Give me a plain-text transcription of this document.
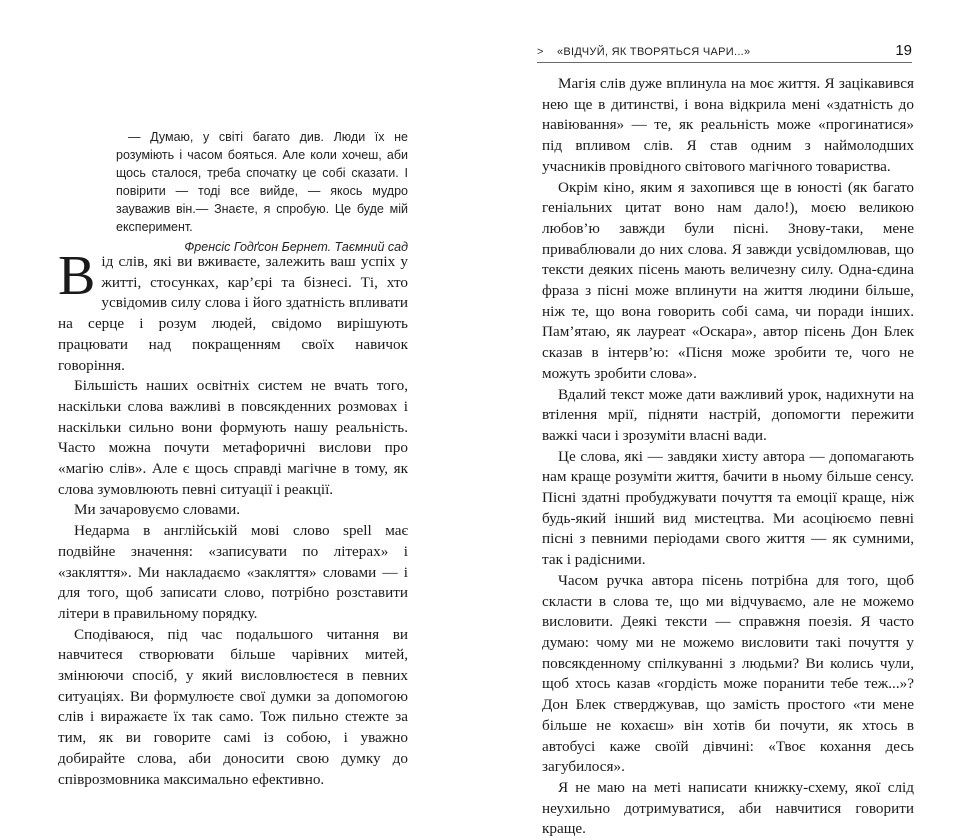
— Думаю, у світі багато див. Люди їх не розуміють і часом бояться. Але коли хочеш, аби щось сталося, треба спочатку це собі сказати. І повірити — тоді все вийде, — якось мудро зауважив він.— Знаєте, я спробую. Це буде мій експеримент.

Френсіс Годґсон Бернет. Таємний сад

Від слів, які ви вживаєте, залежить ваш успіх у житті, стосунках, кар’єрі та бізнесі. Ті, хто усвідомив силу слова і його здатність впливати на серце і розум людей, свідомо вирішують працювати над покращенням своїх навичок говоріння.

Більшість наших освітніх систем не вчать того, наскільки слова важливі в повсякденних розмовах і наскільки сильно вони формують нашу реальність. Часто можна почути метафоричні вислови про «магію слів». Але є щось справді магічне в тому, як слова зумовлюють певні ситуації і реакції.

Ми зачаровуємо словами.

Недарма в англійській мові слово spell має подвійне значення: «записувати по літерах» і «закляття». Ми накладаємо «закляття» словами — і для того, щоб записати слово, потрібно розставити літери в правильному порядку.

Сподіваюся, під час подальшого читання ви навчитеся створювати більше чарівних митей, змінюючи спосіб, у який висловлюєтеся в певних ситуаціях. Ви формулюєте свої думки за допомогою слів і виражаєте їх так само. Тож пильно стежте за тим, як ви говорите самі із собою, і уважно добирайте слова, аби доносити свою думку до співрозмовника максимально ефективно.

> «ВІДЧУЙ, ЯК ТВОРЯТЬСЯ ЧАРИ...»	19

Магія слів дуже вплинула на моє життя. Я зацікавився нею ще в дитинстві, і вона відкрила мені «здатність до навіювання» — те, як реальність може «прогинатися» під впливом слів. Я став одним з наймолодших учасників провідного світового магічного товариства.

Окрім кіно, яким я захопився ще в юності (як багато геніальних цитат воно нам дало!), моєю великою любов’ю завжди були пісні. Знову-таки, мене приваблювали до них слова. Я завжди усвідомлював, що тексти деяких пісень мають величезну силу. Одна-єдина фраза з пісні може вплинути на життя людини більше, ніж те, що вона говорить собі сама, чи поради інших. Пам’ятаю, як лауреат «Оскара», автор пісень Дон Блек сказав в інтерв’ю: «Пісня може зробити те, чого не можуть зробити слова».

Вдалий текст може дати важливий урок, надихнути на втілення мрії, підняти настрій, допомогти пережити важкі часи і зрозуміти власні вади.

Це слова, які — завдяки хисту автора — допомагають нам краще розуміти життя, бачити в ньому більше сенсу. Пісні здатні пробуджувати почуття та емоції краще, ніж будь-який інший вид мистецтва. Ми асоціюємо певні пісні з певними періодами свого життя — як сумними, так і радісними.

Часом ручка автора пісень потрібна для того, щоб скласти в слова те, що ми відчуваємо, але не можемо висловити. Деякі тексти — справжня поезія. Я часто думаю: чому ми не можемо висловити такі почуття у повсякденному спілкуванні з людьми? Ви колись чули, щоб хтось казав «гордість може поранити тебе теж...»? Дон Блек стверджував, що замість простого «ти мене більше не кохаєш» він хотів би почути, як хтось в автобусі каже своїй дівчині: «Твоє кохання десь загубилося».

Я не маю на меті написати книжку-схему, якої слід неухильно дотримуватися, аби навчитися говорити краще.
